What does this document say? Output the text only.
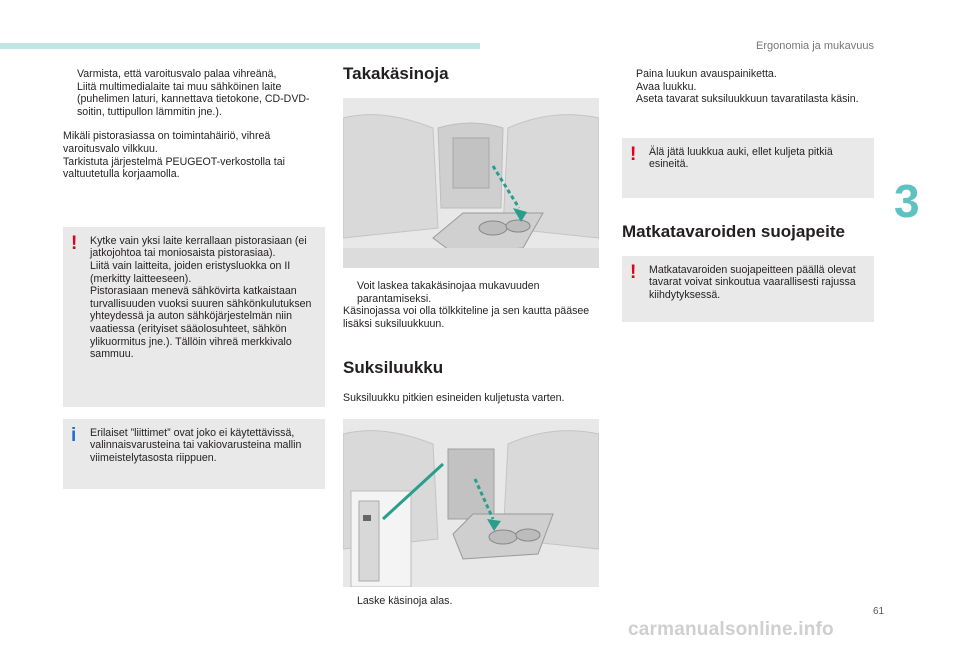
Ergonomia ja mukavuus
3
61
carmanualsonline.info
Varmista, että varoitusvalo palaa vihreänä,
Liitä multimedialaite tai muu sähköinen laite (puhelimen laturi, kannettava tietokone, CD-DVD-soitin, tuttipullon lämmitin jne.).

Mikäli pistorasiassa on toimintahäiriö, vihreä varoitusvalo vilkkuu.
Tarkistuta järjestelmä PEUGEOT-verkostolla tai valtuutetulla korjaamolla.

! Kytke vain yksi laite kerrallaan pistorasiaan (ei jatkojohtoa tai moniosaista pistorasiaa).
Liitä vain laitteita, joiden eristysluokka on II (merkitty laitteeseen).
Pistorasiaan menevä sähkövirta katkaistaan turvallisuuden vuoksi suuren sähkönkulutuksen yhteydessä ja auton sähköjärjestelmän niin vaatiessa (erityiset sääolosuhteet, sähkön ylikuormitus jne.). Tällöin vihreä merkkivalo sammuu.
i Erilaiset ”liittimet” ovat joko ei käytettävissä, valinnaisvarusteina tai vakiovarusteina mallin viimeistelytasosta riippuen.
Takakäsinoja
Voit laskea takakäsinojaa mukavuuden parantamiseksi.

Käsinojassa voi olla tölkkiteline ja sen kautta pääsee lisäksi suksiluukkuun.

Suksiluukku

Suksiluukku pitkien esineiden kuljetusta varten.

Laske käsinoja alas.
Paina luukun avauspainiketta.
Avaa luukku.
Aseta tavarat suksiluukkuun tavaratilasta käsin.
! Älä jätä luukkua auki, ellet kuljeta pitkiä esineitä.
Matkatavaroiden suojapeite
! Matkatavaroiden suojapeitteen päällä olevat tavarat voivat sinkoutua vaarallisesti rajussa kiihdytyksessä.
